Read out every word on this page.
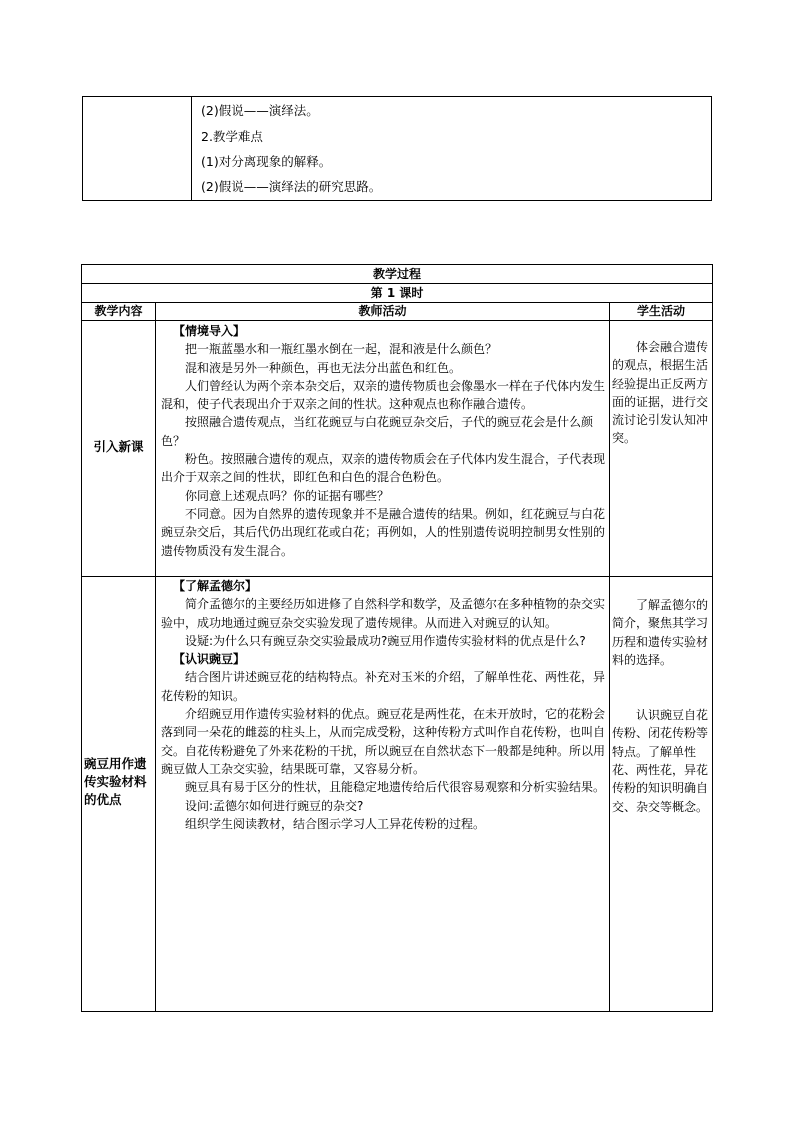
(2)假说——演绎法。
2.教学难点
(1)对分离现象的解释。
(2)假说——演绎法的研究思路。
教学过程
第 1 课时
教学内容	教师活动	学生活动
引入新课

【情境导入】

把一瓶蓝墨水和一瓶红墨水倒在一起，混和液是什么颜色？

混和液是另外一种颜色，再也无法分出蓝色和红色。

人们曾经认为两个亲本杂交后，双亲的遗传物质也会像墨水一样在子代体内发生混和，使子代表现出介于双亲之间的性状。这种观点也称作融合遗传。

按照融合遗传观点，当红花豌豆与白花豌豆杂交后，子代的豌豆花会是什么颜色？

粉色。按照融合遗传的观点，双亲的遗传物质会在子代体内发生混合，子代表现出介于双亲之间的性状，即红色和白色的混合色粉色。

你同意上述观点吗？你的证据有哪些？

不同意。因为自然界的遗传现象并不是融合遗传的结果。例如，红花豌豆与白花豌豆杂交后，其后代仍出现红花或白花；再例如，人的性别遗传说明控制男女性别的遗传物质没有发生混合。

体会融合遗传的观点，根据生活经验提出正反两方面的证据，进行交流讨论引发认知冲突。

豌豆用作遗传实验材料的优点

【了解孟德尔】

简介孟德尔的主要经历如进修了自然科学和数学，及孟德尔在多种植物的杂交实验中，成功地通过豌豆杂交实验发现了遗传规律。从而进入对豌豆的认知。

设疑:为什么只有豌豆杂交实验最成功?豌豆用作遗传实验材料的优点是什么?

【认识豌豆】

结合图片讲述豌豆花的结构特点。补充对玉米的介绍，了解单性花、两性花，异花传粉的知识。

介绍豌豆用作遗传实验材料的优点。豌豆花是两性花，在未开放时，它的花粉会落到同一朵花的雌蕊的柱头上，从而完成受粉，这种传粉方式叫作自花传粉，也叫自交。自花传粉避免了外来花粉的干扰，所以豌豆在自然状态下一般都是纯种。所以用豌豆做人工杂交实验，结果既可靠，又容易分析。

豌豆具有易于区分的性状，且能稳定地遗传给后代很容易观察和分析实验结果。

设问:孟德尔如何进行豌豆的杂交?

组织学生阅读教材，结合图示学习人工异花传粉的过程。

了解孟德尔的简介，聚焦其学习历程和遗传实验材料的选择。

认识豌豆自花传粉、闭花传粉等特点。了解单性花、两性花，异花传粉的知识明确自交、杂交等概念。
